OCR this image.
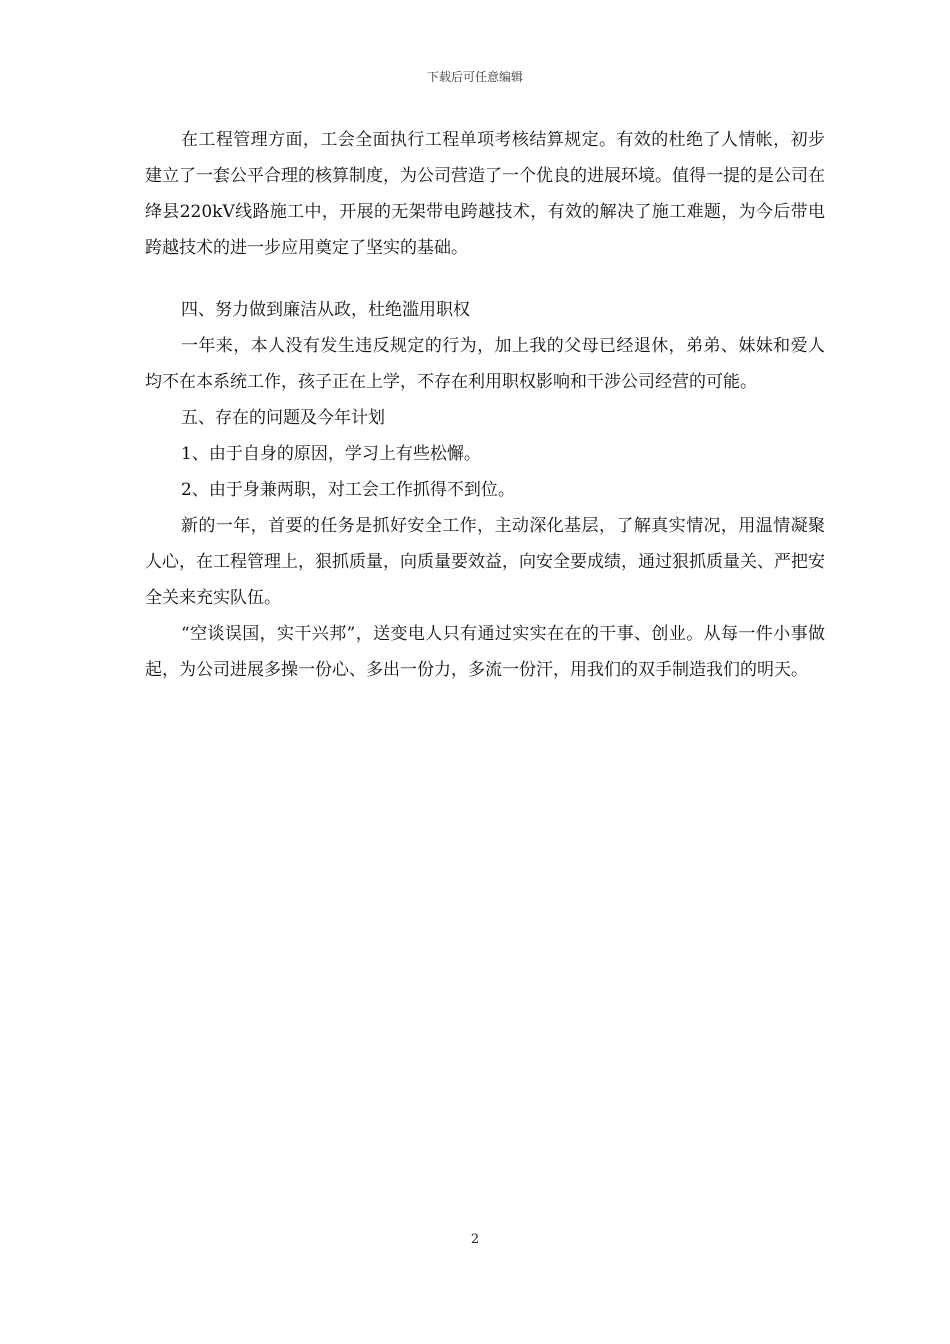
下载后可任意编辑

在工程管理方面，工会全面执行工程单项考核结算规定。有效的杜绝了人情帐，初步建立了一套公平合理的核算制度，为公司营造了一个优良的进展环境。值得一提的是公司在绛县220kV线路施工中，开展的无架带电跨越技术，有效的解决了施工难题，为今后带电跨越技术的进一步应用奠定了坚实的基础。

四、努力做到廉洁从政，杜绝滥用职权

一年来，本人没有发生违反规定的行为，加上我的父母已经退休，弟弟、妹妹和爱人均不在本系统工作，孩子正在上学，不存在利用职权影响和干涉公司经营的可能。

五、存在的问题及今年计划

1、由于自身的原因，学习上有些松懈。

2、由于身兼两职，对工会工作抓得不到位。

新的一年，首要的任务是抓好安全工作，主动深化基层，了解真实情况，用温情凝聚人心，在工程管理上，狠抓质量，向质量要效益，向安全要成绩，通过狠抓质量关、严把安全关来充实队伍。

“空谈误国，实干兴邦”，送变电人只有通过实实在在的干事、创业。从每一件小事做起，为公司进展多操一份心、多出一份力，多流一份汗，用我们的双手制造我们的明天。

2
